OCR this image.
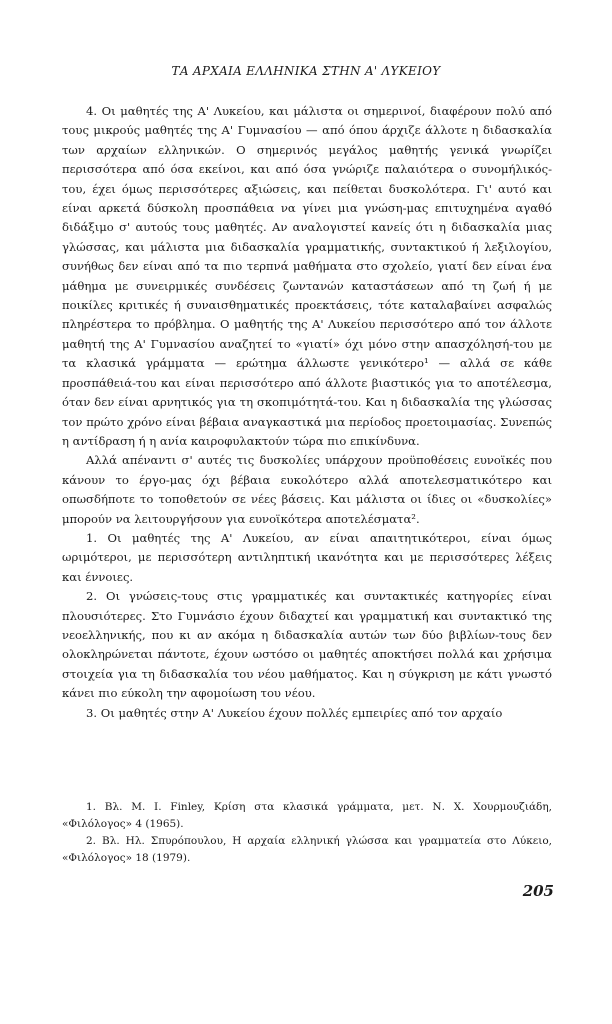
ΤΑ ΑΡΧΑΙΑ ΕΛΛΗΝΙΚΑ ΣΤΗΝ Α' ΛΥΚΕΙΟΥ

4. Οι μαθητές της Α' Λυκείου, και μάλιστα οι σημερινοί, διαφέρουν πολύ από τους μικρούς μαθητές της Α' Γυμνασίου — από όπου άρχιζε άλλοτε η διδασκαλία των αρχαίων ελληνικών. Ο σημερινός μεγάλος μαθητής γενικά γνωρίζει περισσότερα από όσα εκείνοι, και από όσα γνώριζε παλαιότερα ο συνομήλικός-του, έχει όμως περισσότερες αξιώσεις, και πείθεται δυσκολότερα. Γι' αυτό και είναι αρκετά δύσκολη προσπάθεια να γίνει μια γνώση-μας επιτυχημένα αγαθό διδάξιμο σ' αυτούς τους μαθητές. Αν αναλογιστεί κανείς ότι η διδασκαλία μιας γλώσσας, και μάλιστα μια διδασκαλία γραμματικής, συντακτικού ή λεξιλογίου, συνήθως δεν είναι από τα πιο τερπνά μαθήματα στο σχολείο, γιατί δεν είναι ένα μάθημα με συνειρμικές συνδέσεις ζωντανών καταστάσεων από τη ζωή ή με ποικίλες κριτικές ή συναισθηματικές προεκτάσεις, τότε καταλαβαίνει ασφαλώς πληρέστερα το πρόβλημα. Ο μαθητής της Α' Λυκείου περισσότερο από τον άλλοτε μαθητή της Α' Γυμνασίου αναζητεί το «γιατί» όχι μόνο στην απασχόλησή-του με τα κλασικά γράμματα — ερώτημα άλλωστε γενικότερο¹ — αλλά σε κάθε προσπάθειά-του και είναι περισσότερο από άλλοτε βιαστικός για το αποτέλεσμα, όταν δεν είναι αρνητικός για τη σκοπιμότητά-του. Και η διδασκαλία της γλώσσας τον πρώτο χρόνο είναι βέβαια αναγκαστικά μια περίοδος προετοιμασίας. Συνεπώς η αντίδραση ή η ανία καιροφυλακτούν τώρα πιο επικίνδυνα.

Αλλά απέναντι σ' αυτές τις δυσκολίες υπάρχουν προϋποθέσεις ευνοϊκές που κάνουν το έργο-μας όχι βέβαια ευκολότερο αλλά αποτελεσματικότερο και οπωσδήποτε το τοποθετούν σε νέες βάσεις. Και μάλιστα οι ίδιες οι «δυσκολίες» μπορούν να λειτουργήσουν για ευνοϊκότερα αποτελέσματα².

1. Οι μαθητές της Α' Λυκείου, αν είναι απαιτητικότεροι, είναι όμως ωριμότεροι, με περισσότερη αντιληπτική ικανότητα και με περισσότερες λέξεις και έννοιες.

2. Οι γνώσεις-τους στις γραμματικές και συντακτικές κατηγορίες είναι πλουσιότερες. Στο Γυμνάσιο έχουν διδαχτεί και γραμματική και συντακτικό της νεοελληνικής, που κι αν ακόμα η διδασκαλία αυτών των δύο βιβλίων-τους δεν ολοκληρώνεται πάντοτε, έχουν ωστόσο οι μαθητές αποκτήσει πολλά και χρήσιμα στοιχεία για τη διδασκαλία του νέου μαθήματος. Και η σύγκριση με κάτι γνωστό κάνει πιο εύκολη την αφομοίωση του νέου.

3. Οι μαθητές στην Α' Λυκείου έχουν πολλές εμπειρίες από τον αρχαίο

1. Βλ. M. I. Finley, Κρίση στα κλασικά γράμματα, μετ. Ν. Χ. Χουρμουζιάδη, «Φιλόλογος» 4 (1965).

2. Βλ. Ηλ. Σπυρόπουλου, Η αρχαία ελληνική γλώσσα και γραμματεία στο Λύκειο, «Φιλόλογος» 18 (1979).

205
